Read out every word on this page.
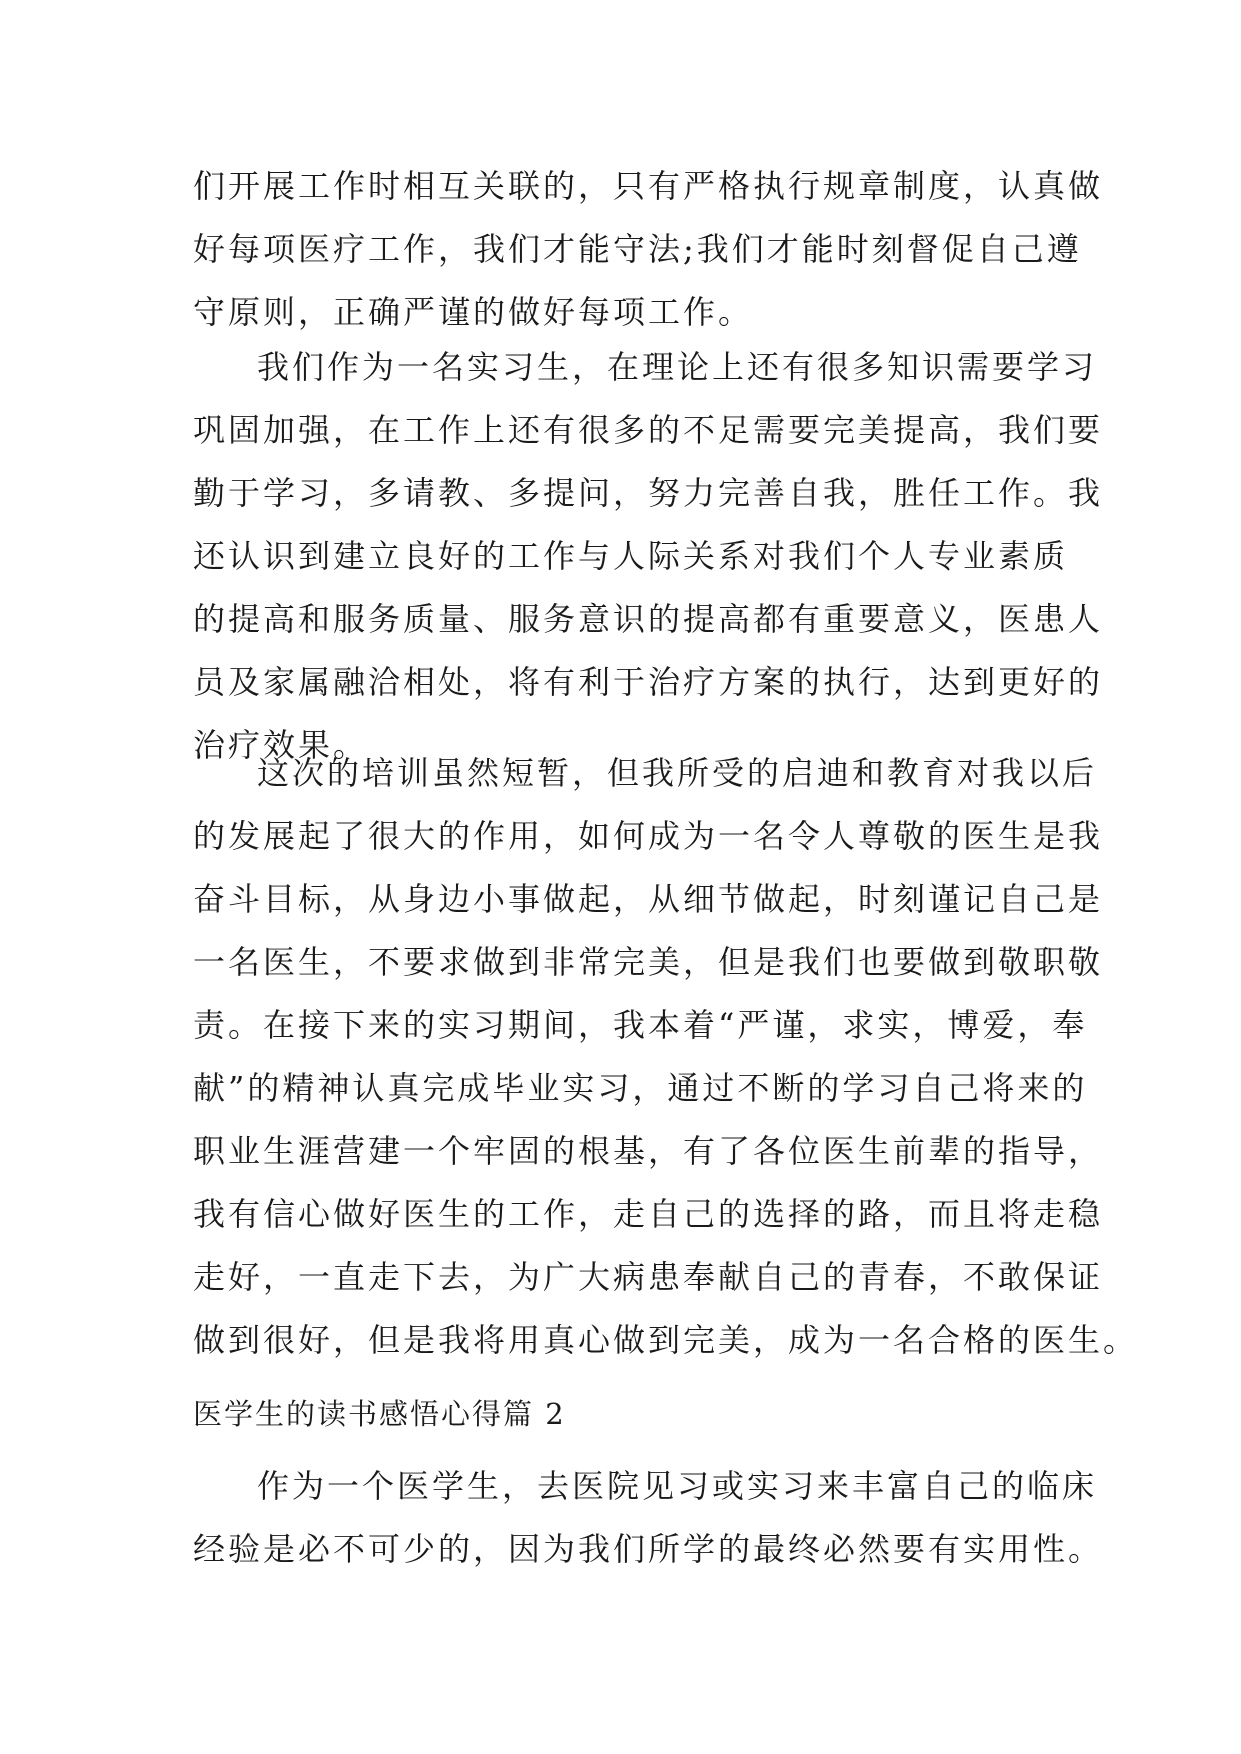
们开展工作时相互关联的，只有严格执行规章制度，认真做
好每项医疗工作，我们才能守法;我们才能时刻督促自己遵
守原则，正确严谨的做好每项工作。
我们作为一名实习生，在理论上还有很多知识需要学习
巩固加强，在工作上还有很多的不足需要完美提高，我们要
勤于学习，多请教、多提问，努力完善自我，胜任工作。我
还认识到建立良好的工作与人际关系对我们个人专业素质
的提高和服务质量、服务意识的提高都有重要意义，医患人
员及家属融洽相处，将有利于治疗方案的执行，达到更好的
治疗效果。
这次的培训虽然短暂，但我所受的启迪和教育对我以后
的发展起了很大的作用，如何成为一名令人尊敬的医生是我
奋斗目标，从身边小事做起，从细节做起，时刻谨记自己是
一名医生，不要求做到非常完美，但是我们也要做到敬职敬
责。在接下来的实习期间，我本着“严谨，求实，博爱，奉
献”的精神认真完成毕业实习，通过不断的学习自己将来的
职业生涯营建一个牢固的根基，有了各位医生前辈的指导，
我有信心做好医生的工作，走自己的选择的路，而且将走稳
走好，一直走下去，为广大病患奉献自己的青春，不敢保证
做到很好，但是我将用真心做到完美，成为一名合格的医生。
医学生的读书感悟心得篇 2
作为一个医学生，去医院见习或实习来丰富自己的临床
经验是必不可少的，因为我们所学的最终必然要有实用性。
